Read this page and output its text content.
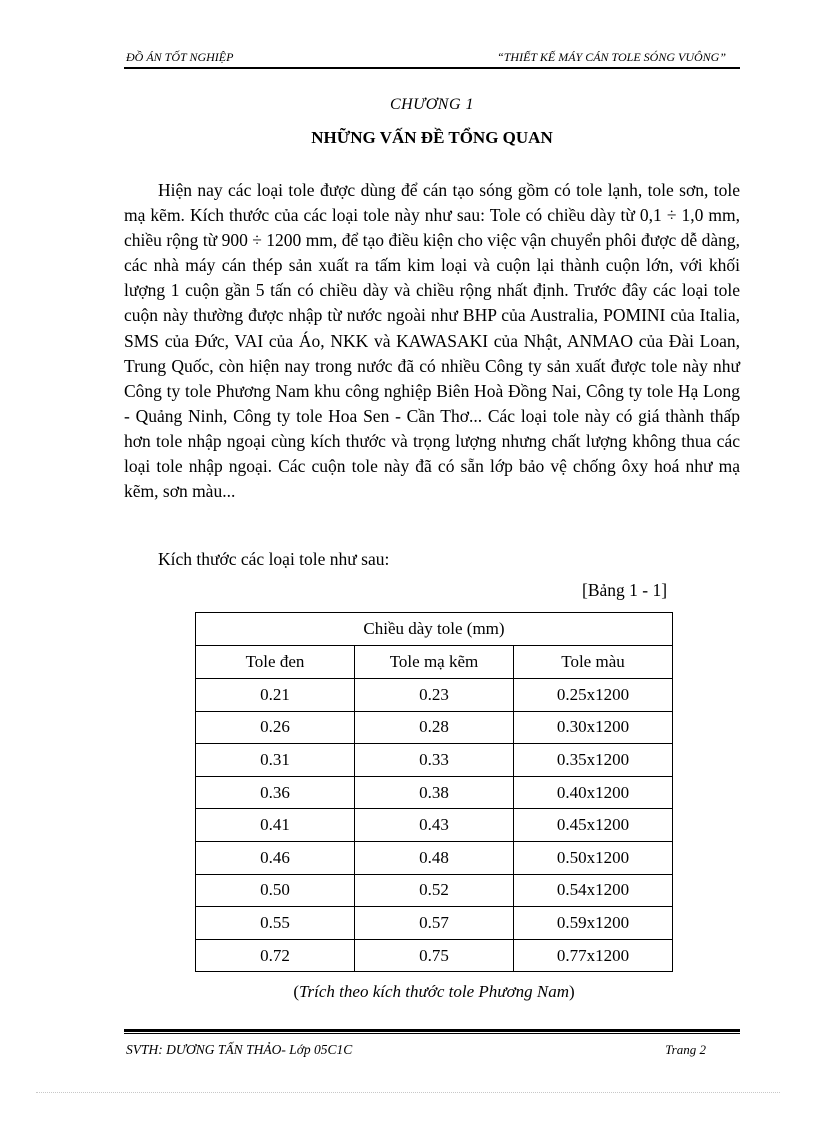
ĐỒ ÁN TỐT NGHIỆP	“THIẾT KẾ MÁY CÁN TOLE SÓNG VUÔNG”
CHƯƠNG 1
NHỮNG VẤN ĐỀ TỔNG QUAN

Hiện nay các loại tole được dùng để cán tạo sóng gồm có tole lạnh, tole sơn, tole mạ kẽm. Kích thước của các loại tole này như sau: Tole có chiều dày từ 0,1 ÷ 1,0 mm, chiều rộng từ 900 ÷ 1200 mm, để tạo điều kiện cho việc vận chuyển phôi được dễ dàng, các nhà máy cán thép sản xuất ra tấm kim loại và cuộn lại thành cuộn lớn, với khối lượng 1 cuộn gần 5 tấn có chiều dày và chiều rộng nhất định. Trước đây các loại tole cuộn này thường được nhập từ nước ngoài như BHP của Australia, POMINI của Italia, SMS của Đức, VAI của Áo, NKK và KAWASAKI của Nhật, ANMAO của Đài Loan, Trung Quốc, còn hiện nay trong nước đã có nhiều Công ty sản xuất được tole này như Công ty tole Phương Nam khu công nghiệp Biên Hoà Đồng Nai, Công ty tole Hạ Long - Quảng Ninh, Công ty tole Hoa Sen - Cần Thơ... Các loại tole này có giá thành thấp hơn tole nhập ngoại cùng kích thước và trọng lượng nhưng chất lượng không thua các loại tole nhập ngoại. Các cuộn tole này đã có sẵn lớp bảo vệ chống ôxy hoá như mạ kẽm, sơn màu...

Kích thước các loại tole như sau:
[Bảng 1 - 1]
Chiều dày tole (mm)		
Tole đen	Tole mạ kẽm	Tole màu
0.21	0.23	0.25x1200
0.26	0.28	0.30x1200
0.31	0.33	0.35x1200
0.36	0.38	0.40x1200
0.41	0.43	0.45x1200
0.46	0.48	0.50x1200
0.50	0.52	0.54x1200
0.55	0.57	0.59x1200
0.72	0.75	0.77x1200
(Trích theo kích thước tole Phương Nam)
SVTH: DƯƠNG TẤN THẢO- Lớp 05C1C	Trang 2
